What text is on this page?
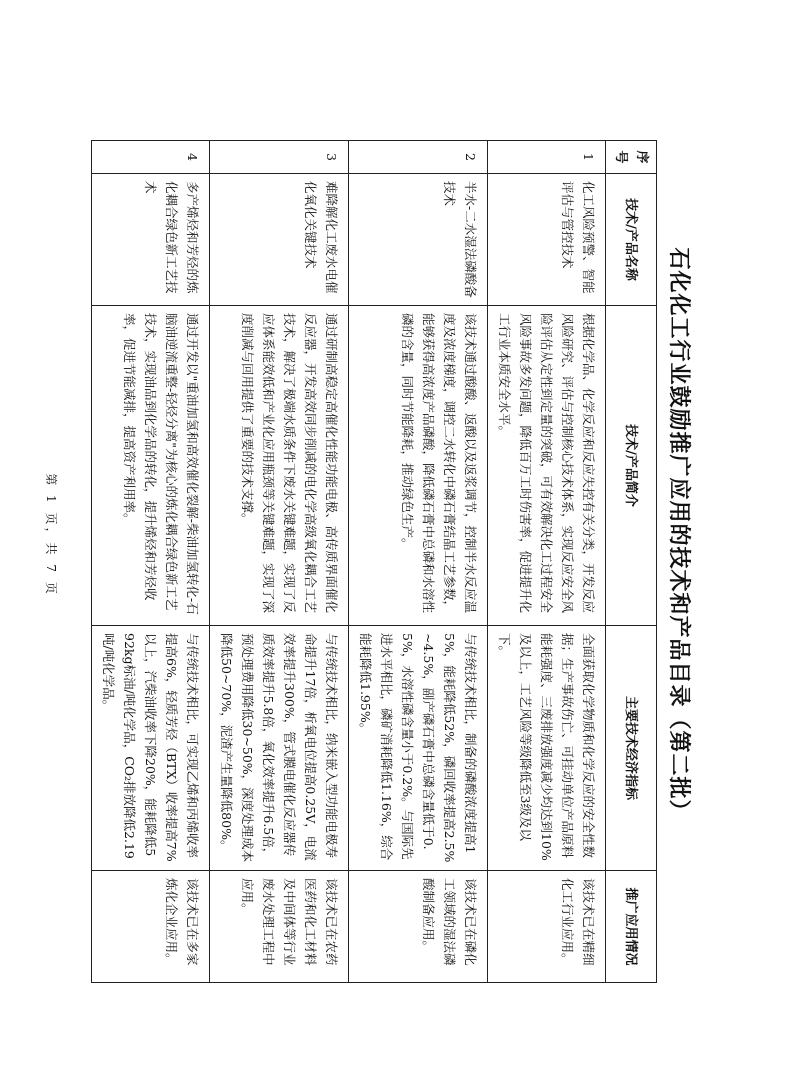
石化化工行业鼓励推广应用的技术和产品目录（第二批）
序号	技术/产品名称	技术/产品简介	主要技术经济指标	推广应用情况
1	化工风险预警、智能评估与管控技术	根据化学品、化学反应和反应失控有关分类，开发反应风险研究、评估与控制核心技术体系，实现反应安全风险评估从定性到定量的突破，可有效解决化工过程安全风险事故多发问题，降低百万工时伤害率，促进提升化工行业本质安全水平。	全面获取化学物质和化学反应的安全性数据；生产事故伤亡、可挂动单位产品原料能耗强度、三废排放强度减少均达到10%及以上，工艺风险等级降低至3级及以下。	该技术已在精细化工行业应用。
2	半水-二水湿法磷酸备技术	该技术通过酸酸、返酸以及返浆调节，控制半水反应温度及浓度梯度，调控二水转化中磷石膏结晶工艺参数，能够获得高浓度产品磷酸，降低磷石膏中总磷和水溶性磷的含量，同时节能降耗，推动绿色生产。	与传统技术相比，制备的磷酸浓度提高15%，能耗降低52%，磷回收率提高2.5%~4.5%，副产磷石膏中总磷含量低于0.5%，水溶性磷含量小于0.2%。与国际先进水平相比，磷矿消耗降低1.16%，综合能耗降低1.95%。	该技术已在磷化工领域的湿法磷酸制备应用。
3	难降解化工废水电催化氧化关键技术	通过研制高稳定高催化性能功能电极、高传质界面催化反应器，开发高效同步削减的电化学高级氧化耦合工艺技术，解决了极端水质条件下废水关键难题，实现了反应体系能效低和产业化应用瓶颈等关键难题，实现了深度削减与回用提供了重要的技术支撑。	与传统技术相比，纳米嵌入型功能电极寿命提升17倍，析氧电位提高0.25V，电流效率提升300%，管式膜电催化反应器传质效率提升5.8倍，氧化效率提升6.5倍，预处理费用降低30~50%，深度处理成本降低50~70%，泥渣产生量降低80%。	该技术已在农药医药和化工材料及中间体等行业废水处理工程中应用。
4	多产烯烃和芳烃的炼化耦合绿色新工艺技术	通过开发以"重油加氢和高效催化裂解-柴油加氢转化-石脑油逆流重整-轻烃分离"为核心的炼化耦合绿色新工艺技术，实现油品到化学品的转化，提升烯烃和芳烃收率，促进节能减排，提高资产利用率。	与传统技术相比，可实现乙烯和丙烯收率提高6%，轻质芳烃（BTX）收率提高7%以上，汽柴油收率下降20%，能耗降低592kg标油/吨化学品，CO₂排放降低2.19吨/吨化学品。	该技术已在多家炼化企业应用。
第 1 页，共 7 页
